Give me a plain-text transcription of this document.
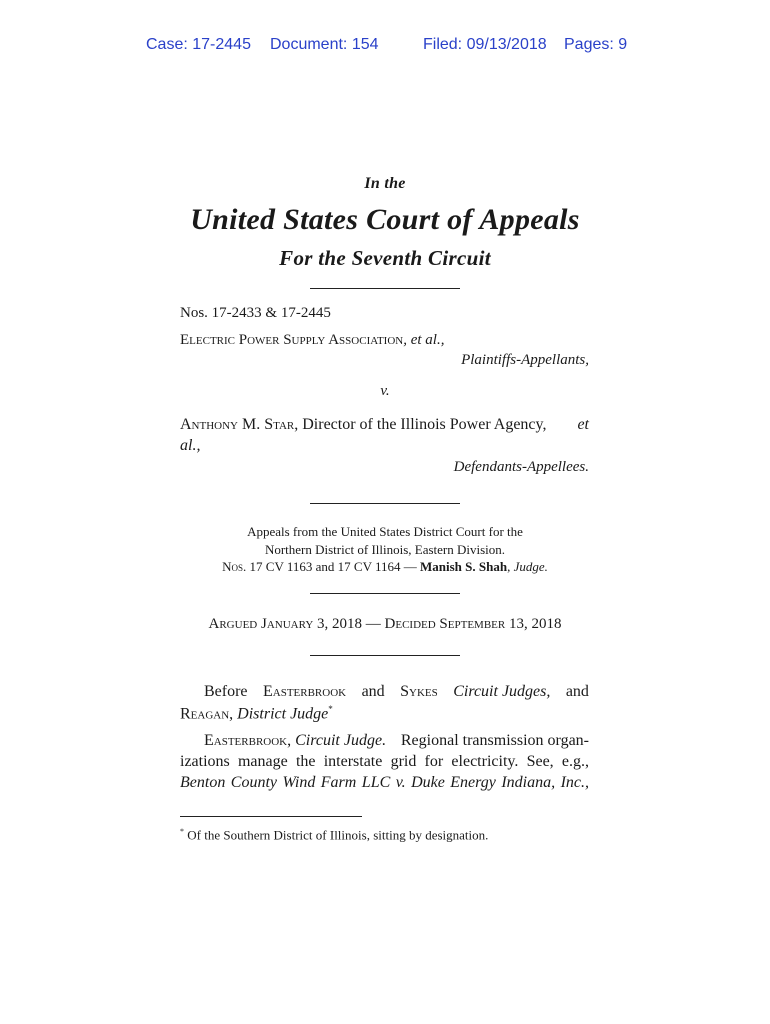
Case: 17-2445 Document: 154	Filed: 09/13/2018 Pages: 9
In the
United States Court of Appeals
For the Seventh Circuit
Nos. 17-2433 & 17-2445
Electric Power Supply Association, et al.,
Plaintiffs-Appellants,
v.
Anthony M. Star, Director of the Illinois Power Agency, et
al.,
Defendants-Appellees.
Appeals from the United States District Court for the
Northern District of Illinois, Eastern Division.
Nos. 17 CV 1163 and 17 CV 1164 — Manish S. Shah, Judge.
Argued January 3, 2018 — Decided September 13, 2018
Before Easterbrook and Sykes Circuit Judges, and
Reagan, District Judge*
Easterbrook, Circuit Judge. Regional transmission organ-
izations manage the interstate grid for electricity. See, e.g.,
Benton County Wind Farm LLC v. Duke Energy Indiana, Inc.,
* Of the Southern District of Illinois, sitting by designation.
